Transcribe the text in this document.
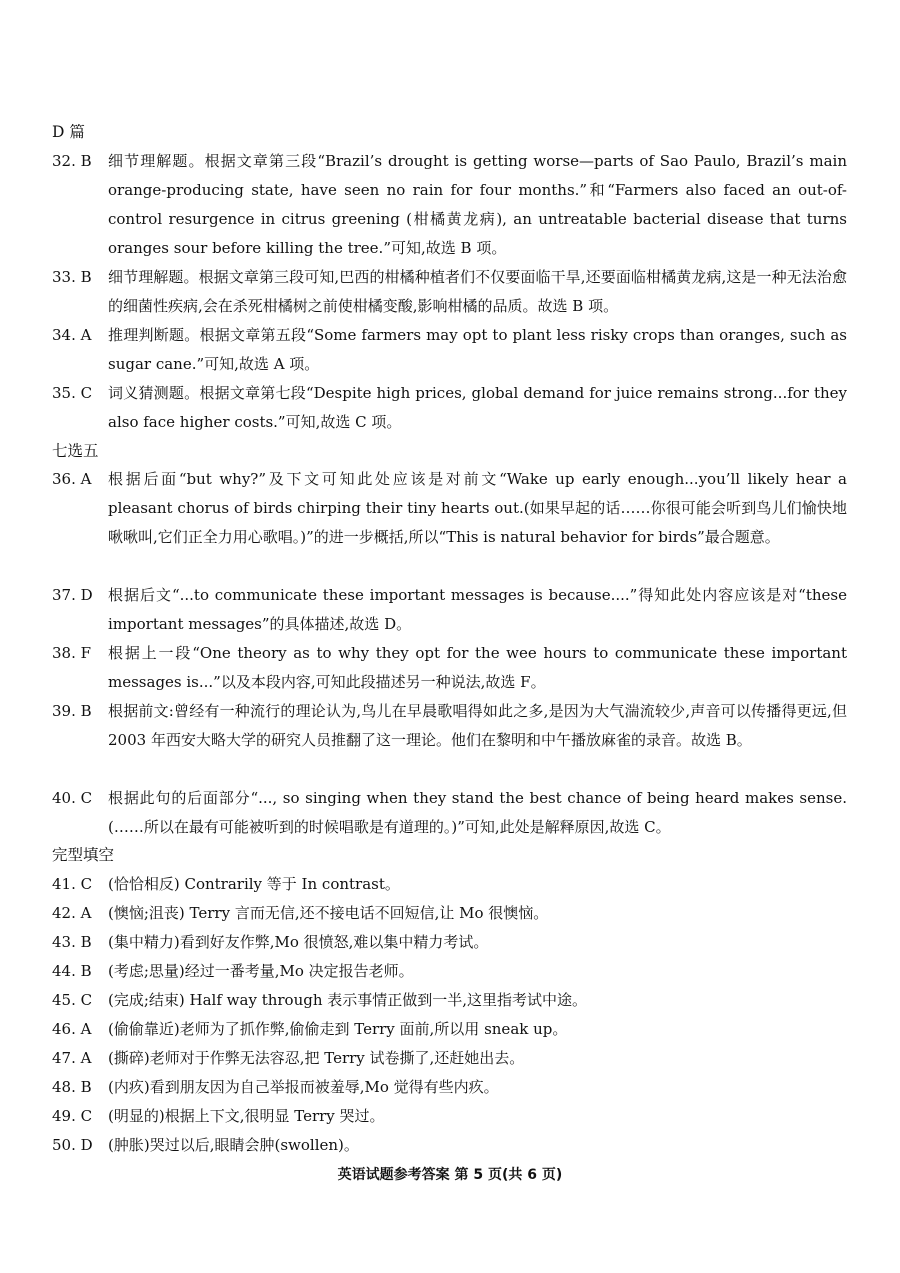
D 篇
32. B	细节理解题。根据文章第三段“Brazil’s drought is getting worse—parts of Sao Paulo, Brazil’s main orange-producing state, have seen no rain for four months.”和“Farmers also faced an out-of-control resurgence in citrus greening (柑橘黄龙病), an untreatable bacterial disease that turns oranges sour before killing the tree.”可知,故选 B 项。
33. B	细节理解题。根据文章第三段可知,巴西的柑橘种植者们不仅要面临干旱,还要面临柑橘黄龙病,这是一种无法治愈的细菌性疾病,会在杀死柑橘树之前使柑橘变酸,影响柑橘的品质。故选 B 项。
34. A	推理判断题。根据文章第五段“Some farmers may opt to plant less risky crops than oranges, such as sugar cane.”可知,故选 A 项。
35. C	词义猜测题。根据文章第七段“Despite high prices, global demand for juice remains strong...for they also face higher costs.”可知,故选 C 项。
七选五
36. A	根据后面“but why?”及下文可知此处应该是对前文“Wake up early enough...you’ll likely hear a pleasant chorus of birds chirping their tiny hearts out.(如果早起的话……你很可能会听到鸟儿们愉快地啾啾叫,它们正全力用心歌唱。)”的进一步概括,所以“This is natural behavior for birds”最合题意。
37. D	根据后文“...to communicate these important messages is because....”得知此处内容应该是对“these important messages”的具体描述,故选 D。
38. F	根据上一段“One theory as to why they opt for the wee hours to communicate these important messages is...”以及本段内容,可知此段描述另一种说法,故选 F。
39. B	根据前文:曾经有一种流行的理论认为,鸟儿在早晨歌唱得如此之多,是因为大气湍流较少,声音可以传播得更远,但 2003 年西安大略大学的研究人员推翻了这一理论。他们在黎明和中午播放麻雀的录音。故选 B。
40. C	根据此句的后面部分“..., so singing when they stand the best chance of being heard makes sense.(……所以在最有可能被听到的时候唱歌是有道理的。)”可知,此处是解释原因,故选 C。
完型填空
41. C	(恰恰相反) Contrarily 等于 In contrast。
42. A	(懊恼;沮丧) Terry 言而无信,还不接电话不回短信,让 Mo 很懊恼。
43. B	(集中精力)看到好友作弊,Mo 很愤怒,难以集中精力考试。
44. B	(考虑;思量)经过一番考量,Mo 决定报告老师。
45. C	(完成;结束) Half way through 表示事情正做到一半,这里指考试中途。
46. A	(偷偷靠近)老师为了抓作弊,偷偷走到 Terry 面前,所以用 sneak up。
47. A	(撕碎)老师对于作弊无法容忍,把 Terry 试卷撕了,还赶她出去。
48. B	(内疚)看到朋友因为自己举报而被羞辱,Mo 觉得有些内疚。
49. C	(明显的)根据上下文,很明显 Terry 哭过。
50. D	(肿胀)哭过以后,眼睛会肿(swollen)。
英语试题参考答案 第 5 页(共 6 页)
